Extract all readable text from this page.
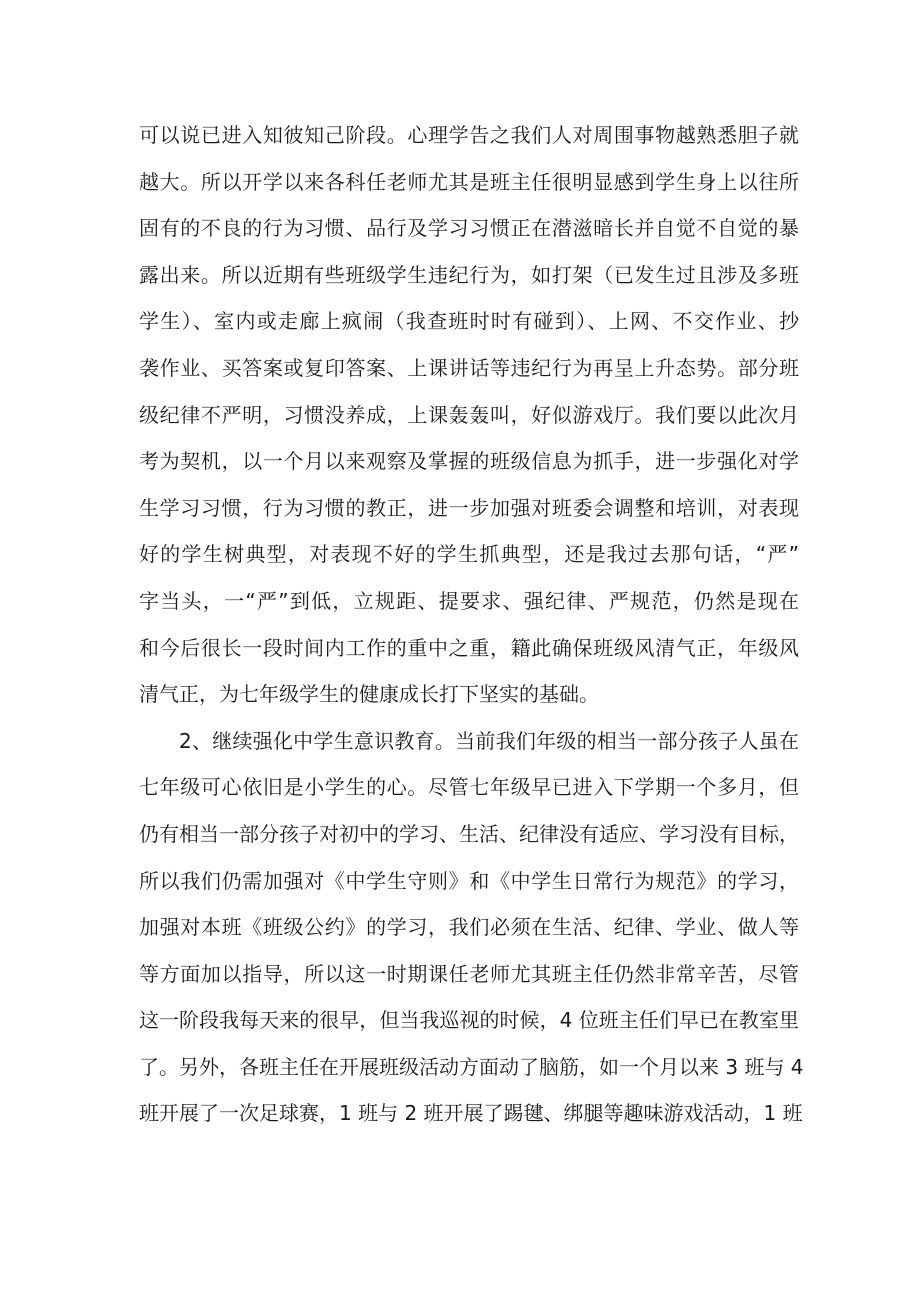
可以说已进入知彼知己阶段。心理学告之我们人对周围事物越熟悉胆子就
越大。所以开学以来各科任老师尤其是班主任很明显感到学生身上以往所
固有的不良的行为习惯、品行及学习习惯正在潜滋暗长并自觉不自觉的暴
露出来。所以近期有些班级学生违纪行为，如打架（已发生过且涉及多班
学生）、室内或走廊上疯闹（我查班时时有碰到）、上网、不交作业、抄
袭作业、买答案或复印答案、上课讲话等违纪行为再呈上升态势。部分班
级纪律不严明，习惯没养成，上课轰轰叫，好似游戏厅。我们要以此次月
考为契机，以一个月以来观察及掌握的班级信息为抓手，进一步强化对学
生学习习惯，行为习惯的教正，进一步加强对班委会调整和培训，对表现
好的学生树典型，对表现不好的学生抓典型，还是我过去那句话，“严”
字当头，一“严”到低，立规距、提要求、强纪律、严规范，仍然是现在
和今后很长一段时间内工作的重中之重，籍此确保班级风清气正，年级风
清气正，为七年级学生的健康成长打下坚实的基础。
2、继续强化中学生意识教育。当前我们年级的相当一部分孩子人虽在
七年级可心依旧是小学生的心。尽管七年级早已进入下学期一个多月，但
仍有相当一部分孩子对初中的学习、生活、纪律没有适应、学习没有目标，
所以我们仍需加强对《中学生守则》和《中学生日常行为规范》的学习，
加强对本班《班级公约》的学习，我们必须在生活、纪律、学业、做人等
等方面加以指导，所以这一时期课任老师尤其班主任仍然非常辛苦，尽管
这一阶段我每天来的很早，但当我巡视的时候，4 位班主任们早已在教室里
了。另外，各班主任在开展班级活动方面动了脑筋，如一个月以来 3 班与 4
班开展了一次足球赛，1 班与 2 班开展了踢毽、绑腿等趣味游戏活动，1 班
